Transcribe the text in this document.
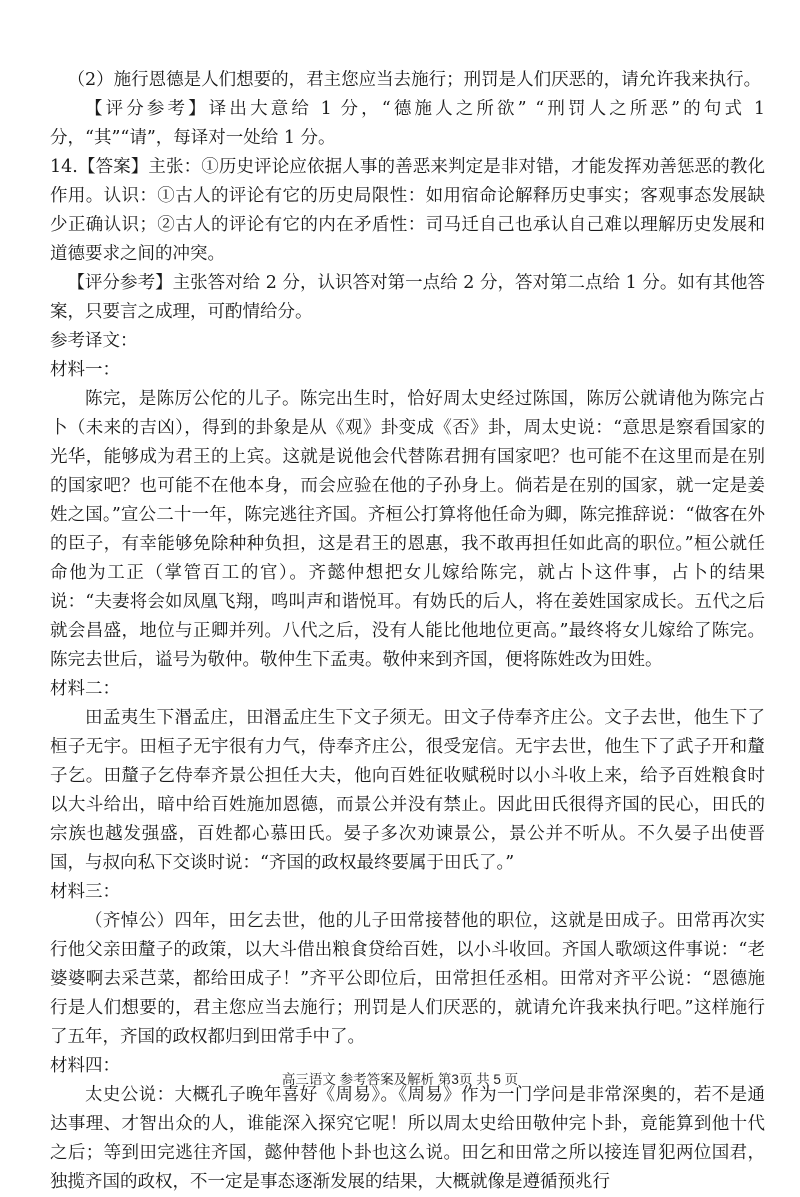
（2）施行恩德是人们想要的，君主您应当去施行；刑罚是人们厌恶的，请允许我来执行。

【评分参考】译出大意给 1 分，“德施人之所欲” “刑罚人之所恶”的句式 1 分，“其”“请”，每译对一处给 1 分。

14.【答案】主张：①历史评论应依据人事的善恶来判定是非对错，才能发挥劝善惩恶的教化作用。认识：①古人的评论有它的历史局限性：如用宿命论解释历史事实；客观事态发展缺少正确认识；②古人的评论有它的内在矛盾性：司马迁自己也承认自己难以理解历史发展和道德要求之间的冲突。

【评分参考】主张答对给 2 分，认识答对第一点给 2 分，答对第二点给 1 分。如有其他答案，只要言之成理，可酌情给分。

参考译文：

材料一：

陈完，是陈厉公佗的儿子。陈完出生时，恰好周太史经过陈国，陈厉公就请他为陈完占卜（未来的吉凶），得到的卦象是从《观》卦变成《否》卦，周太史说：“意思是察看国家的光华，能够成为君王的上宾。这就是说他会代替陈君拥有国家吧？也可能不在这里而是在别的国家吧？也可能不在他本身，而会应验在他的子孙身上。倘若是在别的国家，就一定是姜姓之国。”宣公二十一年，陈完逃往齐国。齐桓公打算将他任命为卿，陈完推辞说：“做客在外的臣子，有幸能够免除种种负担，这是君王的恩惠，我不敢再担任如此高的职位。”桓公就任命他为工正（掌管百工的官）。齐懿仲想把女儿嫁给陈完，就占卜这件事，占卜的结果说：“夫妻将会如凤凰飞翔，鸣叫声和谐悦耳。有妫氏的后人，将在姜姓国家成长。五代之后就会昌盛，地位与正卿并列。八代之后，没有人能比他地位更高。”最终将女儿嫁给了陈完。陈完去世后，谥号为敬仲。敬仲生下孟夷。敬仲来到齐国，便将陈姓改为田姓。

材料二：

田孟夷生下湣孟庄，田湣孟庄生下文子须无。田文子侍奉齐庄公。文子去世，他生下了桓子无宇。田桓子无宇很有力气，侍奉齐庄公，很受宠信。无宇去世，他生下了武子开和釐子乞。田釐子乞侍奉齐景公担任大夫，他向百姓征收赋税时以小斗收上来，给予百姓粮食时以大斗给出，暗中给百姓施加恩德，而景公并没有禁止。因此田氏很得齐国的民心，田氏的宗族也越发强盛，百姓都心慕田氏。晏子多次劝谏景公，景公并不听从。不久晏子出使晋国，与叔向私下交谈时说：“齐国的政权最终要属于田氏了。”

材料三：

（齐悼公）四年，田乞去世，他的儿子田常接替他的职位，这就是田成子。田常再次实行他父亲田釐子的政策，以大斗借出粮食贷给百姓，以小斗收回。齐国人歌颂这件事说：“老婆婆啊去采芑菜，都给田成子！”齐平公即位后，田常担任丞相。田常对齐平公说：“恩德施行是人们想要的，君主您应当去施行；刑罚是人们厌恶的，就请允许我来执行吧。”这样施行了五年，齐国的政权都归到田常手中了。

材料四：

太史公说：大概孔子晚年喜好《周易》。《周易》作为一门学问是非常深奥的，若不是通达事理、才智出众的人，谁能深入探究它呢！所以周太史给田敬仲完卜卦，竟能算到他十代之后；等到田完逃往齐国，懿仲替他卜卦也这么说。田乞和田常之所以接连冒犯两位国君，独揽齐国的政权，不一定是事态逐渐发展的结果，大概就像是遵循预兆行

高三语文 参考答案及解析 第3页 共 5 页
